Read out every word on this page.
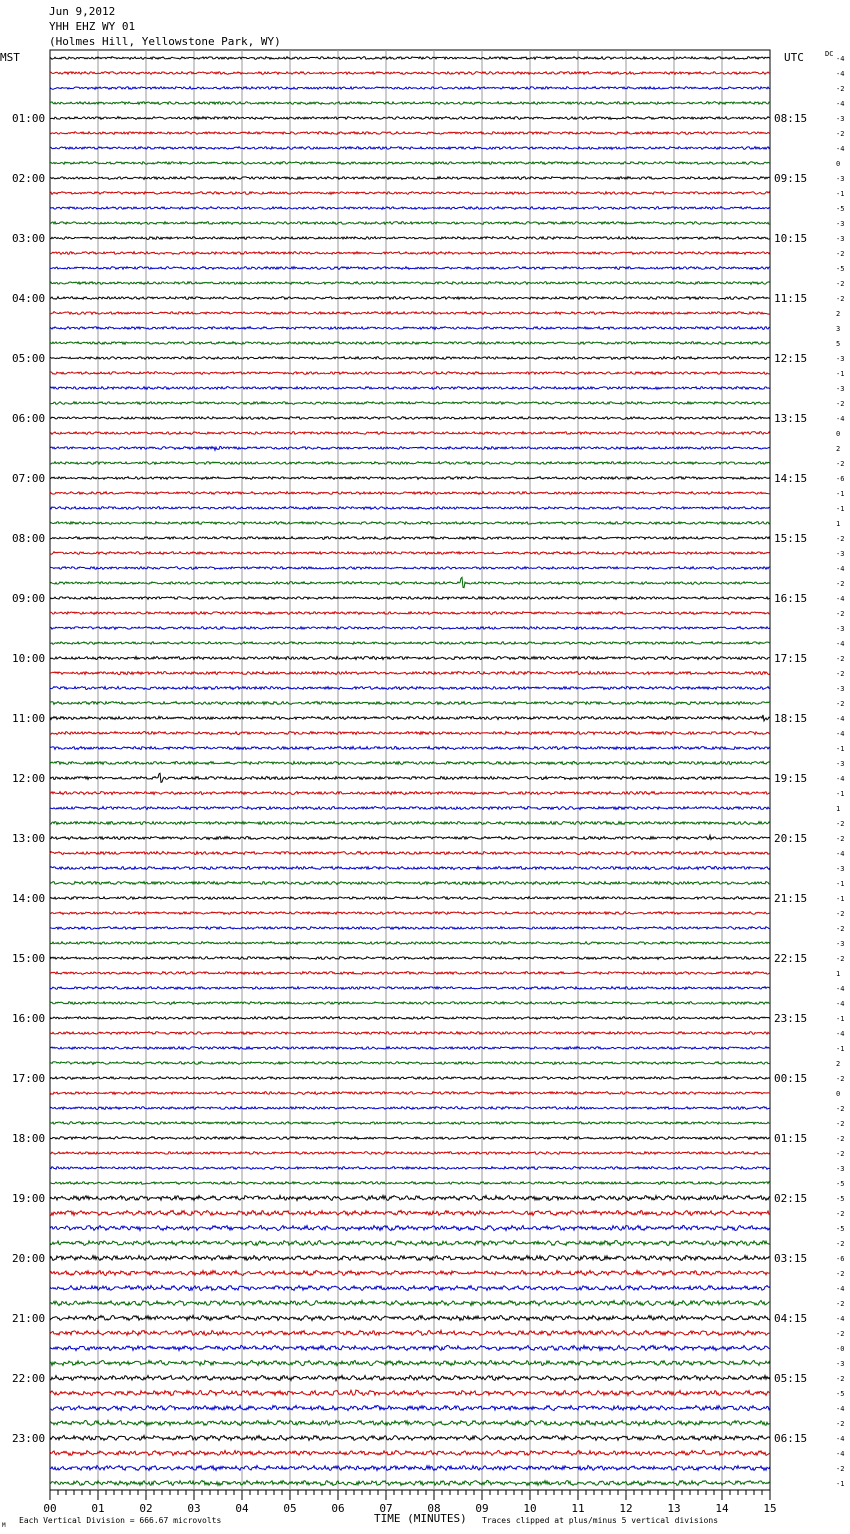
Jun 9,2012
YHH EHZ WY 01
(Holmes Hill, Yellowstone Park, WY)
-4
-4
-2
-4
-3
-2
-4
0
-3
-1
-5
-3
-3
-2
-5
-2
-2
2
3
5
-3
-1
-3
-2
-4
0
2
-2
-6
-1
-1
1
-2
-3
-4
-2
-4
-2
-3
-4
-2
-2
-3
-2
-4
-4
-1
-3
-4
-1
1
-2
-2
-4
-3
-1
-1
-2
-2
-3
-2
1
-4
-4
-1
-4
-1
2
-2
0
-2
-2
-2
-2
-3
-5
-5
-2
-5
-2
-6
-2
-4
-2
-4
-2
-0
-3
-2
-5
-4
-2
-4
-4
-2
-1
MST	UTC	DC
01:00
02:00
03:00
04:00
05:00
06:00
07:00
08:00
09:00
10:00
11:00
12:00
13:00
14:00
15:00
16:00
17:00
18:00
19:00
20:00
21:00
22:00
23:00
08:15
09:15
10:15
11:15
12:15
13:15
14:15
15:15
16:15
17:15
18:15
19:15
20:15
21:15
22:15
23:15
00:15
01:15
02:15
03:15
04:15
05:15
06:15
00	01	02	03	04	05	06	07	08	09	10	11	12	13	14	15
Each Vertical Division = 666.67 microvolts	TIME (MINUTES) Traces clipped at plus/minus 5 vertical divisions
M
